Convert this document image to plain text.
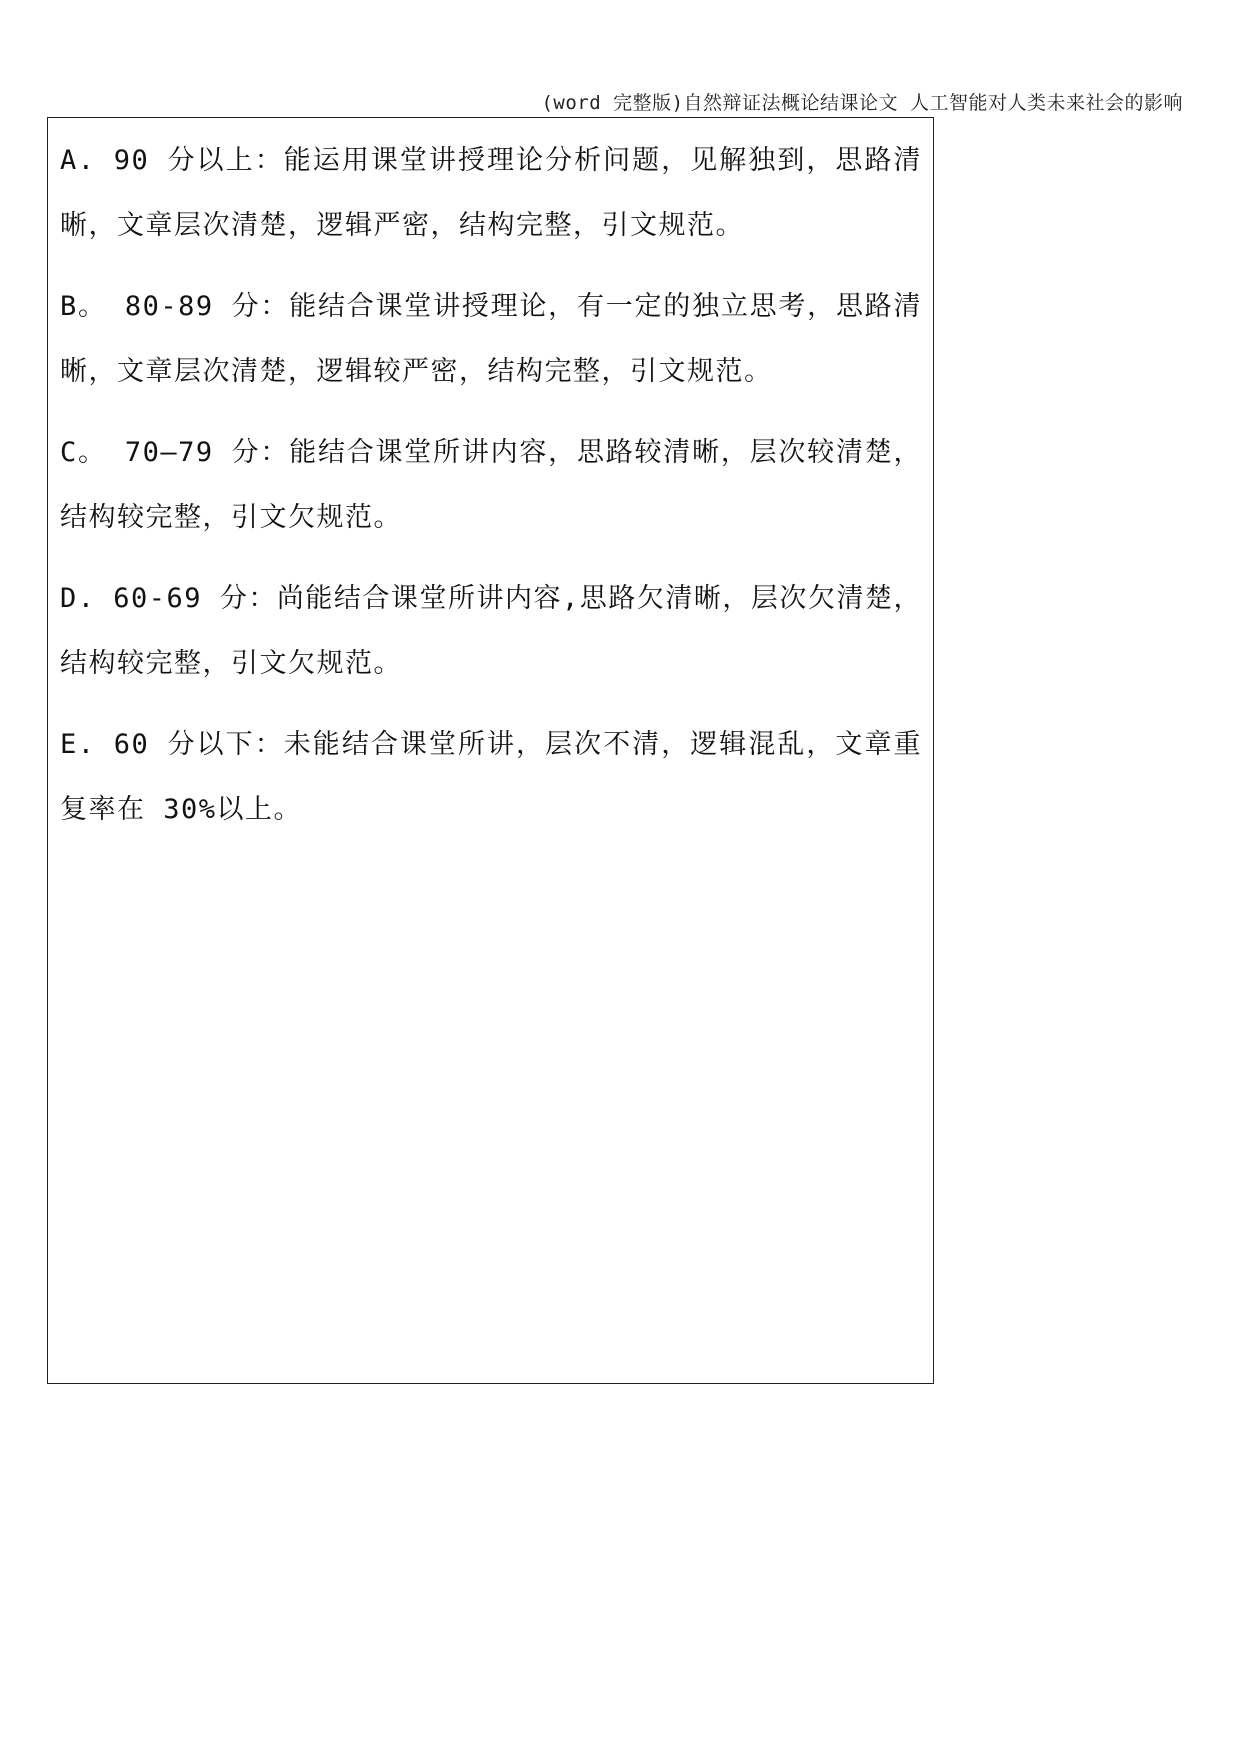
(word 完整版)自然辩证法概论结课论文 人工智能对人类未来社会的影响

A. 90 分以上：能运用课堂讲授理论分析问题，见解独到，思路清晰，文章层次清楚，逻辑严密，结构完整，引文规范。

B。 80-89 分：能结合课堂讲授理论，有一定的独立思考，思路清晰，文章层次清楚，逻辑较严密，结构完整，引文规范。

C。 70—79 分：能结合课堂所讲内容，思路较清晰，层次较清楚，结构较完整，引文欠规范。

D. 60-69 分：尚能结合课堂所讲内容,思路欠清晰，层次欠清楚，结构较完整，引文欠规范。

E. 60 分以下：未能结合课堂所讲，层次不清，逻辑混乱，文章重复率在 30%以上。
